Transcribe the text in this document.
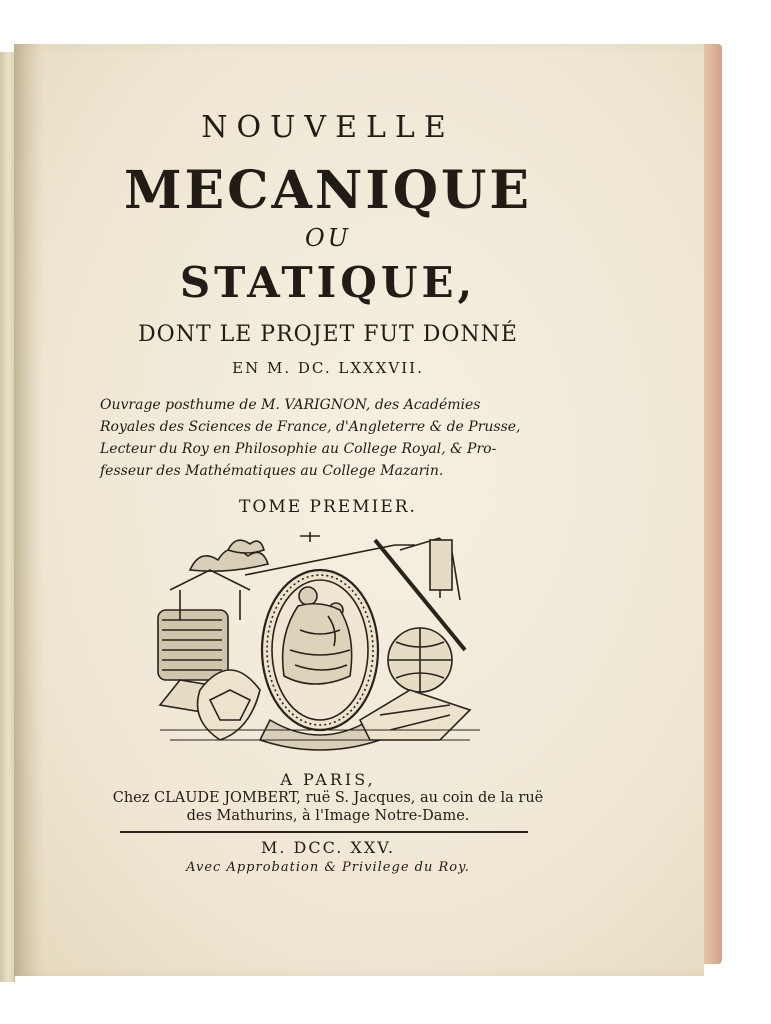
NOUVELLE

MECANIQUE

OU

STATIQUE,

DONT LE PROJET FUT DONNÉ

EN M. DC. LXXXVII.

Ouvrage posthume de M. VARIGNON, des Académies
Royales des Sciences de France, d'Angleterre & de Prusse,
Lecteur du Roy en Philosophie au College Royal, & Pro-
fesseur des Mathématiques au College Mazarin.

TOME PREMIER.

A PARIS,

Chez CLAUDE JOMBERT, ruë S. Jacques, au coin de la ruë

des Mathurins, à l'Image Notre-Dame.

M. DCC. XXV.

Avec Approbation & Privilege du Roy.
